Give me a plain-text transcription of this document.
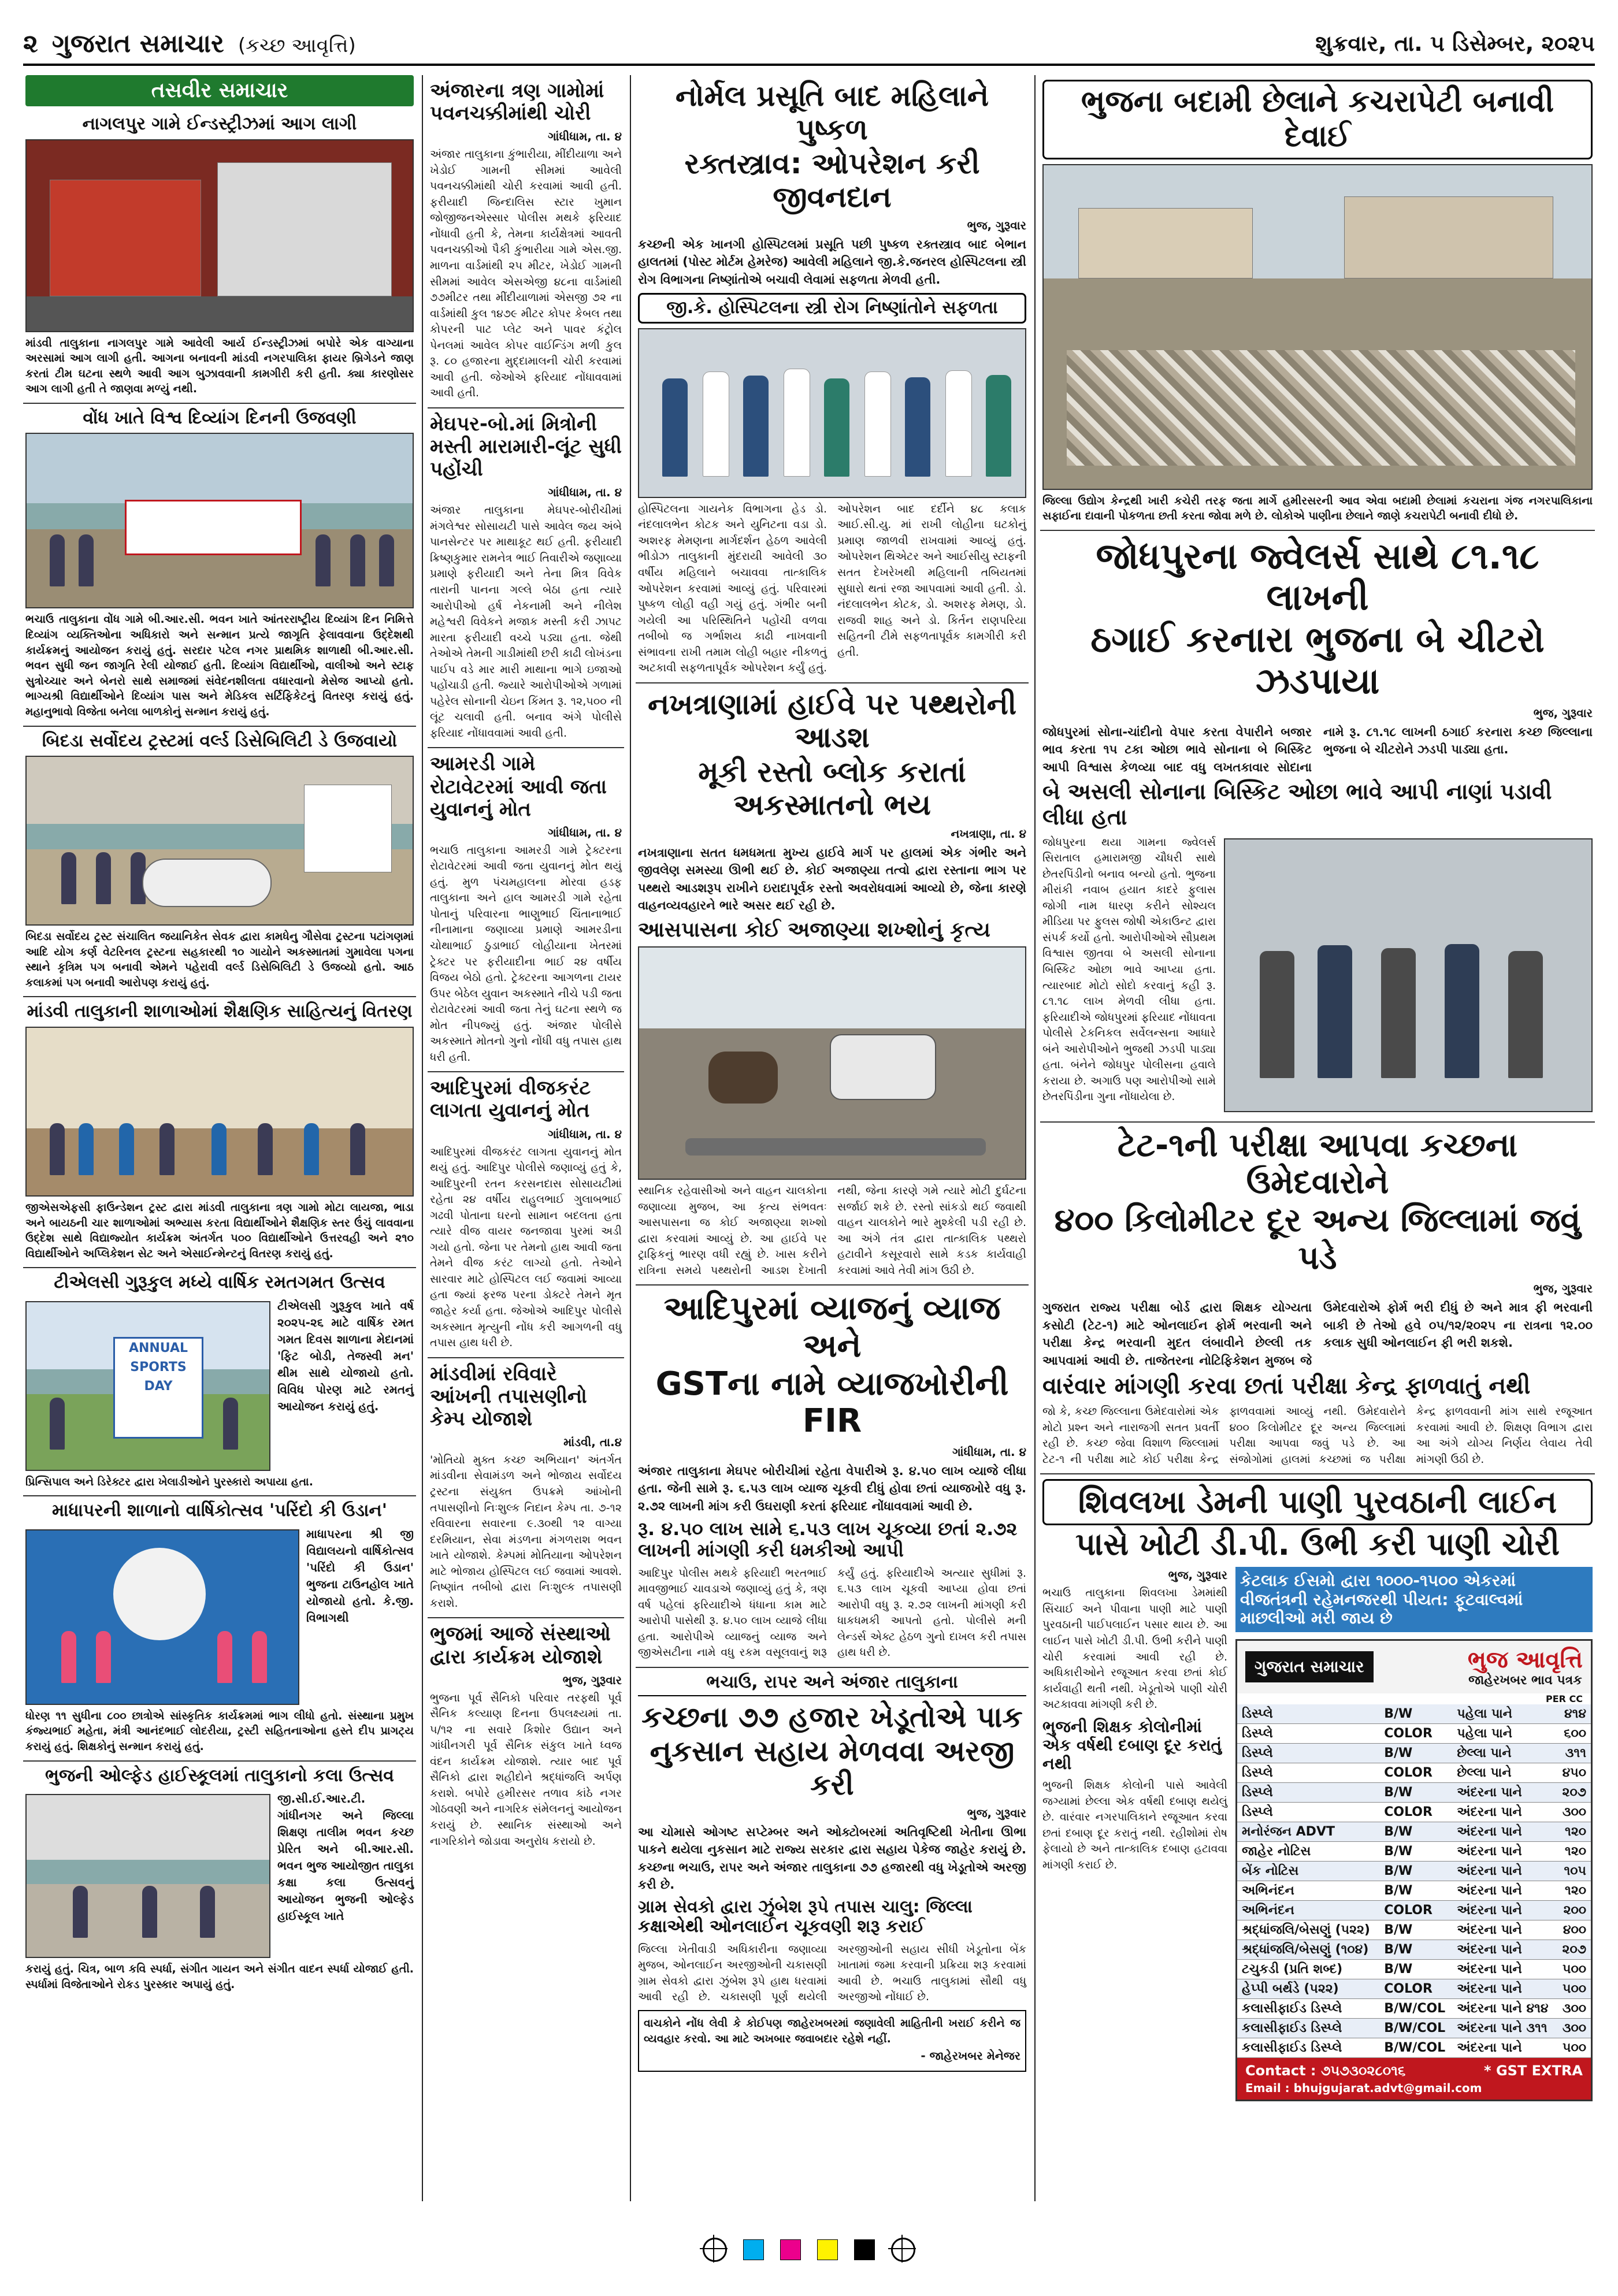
૨ ગુજરાત સમાચાર (કચ્છ આવૃત્તિ)	શુક્રવાર, તા. ૫ ડિસેમ્બર, ૨૦૨૫
તસવીર સમાચાર
નાગલપુર ગામે ઈન્ડસ્ટ્રીઝમાં આગ લાગી
માંડવી તાલુકાના નાગલપુર ગામે આવેલી આર્ય ઈન્ડસ્ટ્રીઝમાં બપોરે એક વાગ્યાના અરસામાં આગ લાગી હતી. આગના બનાવની માંડવી નગરપાલિકા ફાયર બ્રિગેડને જાણ કરતાં ટીમ ઘટના સ્થળે આવી આગ બુઝાવવાની કામગીરી કરી હતી. ક્યા કારણોસર આગ લાગી હતી તે જાણવા મળ્યું નથી.
વોંધ ખાતે વિશ્વ દિવ્યાંગ દિનની ઉજવણી
ભચાઉ તાલુકાના વોંધ ગામે બી.આર.સી. ભવન ખાતે આંતરરાષ્ટ્રીય દિવ્યાંગ દિન નિમિત્તે દિવ્યાંગ વ્યક્તિઓના અધિકારો અને સન્માન પ્રત્યે જાગૃતિ ફેલાવવાના ઉદ્દેશથી કાર્યક્રમનું આયોજન કરાયું હતું. સરદાર પટેલ નગર પ્રાથમિક શાળાથી બી.આર.સી. ભવન સુધી જન જાગૃતિ રેલી યોજાઈ હતી. દિવ્યાંગ વિદ્યાર્થીઓ, વાલીઓ અને સ્ટાફ સુત્રોચ્ચાર અને બેનરો સાથે સમાજમાં સંવેદનશીલતા વધારવાનો મેસેજ આપ્યો હતો. ભાગ્યશ્રી વિદ્યાર્થીઓને દિવ્યાંગ પાસ અને મેડિકલ સર્ટિફિકેટનું વિતરણ કરાયું હતું. મહાનુભાવો વિજેતા બનેલા બાળકોનું સન્માન કરાયું હતું.
બિદડા સર્વોદય ટ્રસ્ટમાં વર્લ્ડ ડિસેબિલિટી ડે ઉજવાયો
બિદડા સર્વોદય ટ્રસ્ટ સંચાલિત જયાનિકેત સેવક દ્વારા કામધેનુ ગૌસેવા ટ્રસ્ટના પટાંગણમાં આદિ યોગ કર્ણ વેટરિનલ ટ્રસ્ટના સહકારથી ૧૦ ગાયોને અકસ્માતમાં ગુમાવેલા પગના સ્થાને કૃત્રિમ પગ બનાવી એમને પહેરાવી વર્લ્ડ ડિસેબિલિટી ડે ઉજવ્યો હતો. આઠ કલાકમાં પગ બનાવી આરોપણ કરાયું હતું.
માંડવી તાલુકાની શાળાઓમાં શૈક્ષણિક સાહિત્યનું વિતરણ
જીએસએફસી ફાઉન્ડેશન ટ્રસ્ટ દ્વારા માંડવી તાલુકાના ત્રણ ગામો મોટા લાયજા, ભાડા અને બાયઠની ચાર શાળાઓમાં અભ્યાસ કરતા વિદ્યાર્થીઓને શૈક્ષણિક સ્તર ઉંચું લાવવાના ઉદ્દેશ સાથે વિદ્યાજ્યોત કાર્યક્રમ અંતર્ગત ૫૦૦ વિદ્યાર્થીઓને ઉત્તરવહી અને ૨૧૦ વિદ્યાર્થીઓને અપ્લિકેશન સેટ અને એસાઈન્મેન્ટનું વિતરણ કરાયું હતું.
ટીએલસી ગુરૂકુલ મધ્યે વાર્ષિક રમતગમત ઉત્સવ
ANNUAL
SPORTS
DAY
ટીએલસી ગુરૂકુલ ખાતે વર્ષ ૨૦૨૫-૨૬ માટે વાર્ષિક રમત ગમત દિવસ શાળાના મેદાનમાં 'ફિટ બોડી, તેજસ્વી મન' થીમ સાથે યોજાયો હતો. વિવિધ પોરણ માટે રમતનું આયોજન કરાયું હતું.
પ્રિન્સિપાલ અને ડિરેક્ટર દ્વારા ખેલાડીઓને પુરસ્કારો અપાયા હતા.
માધાપરની શાળાનો વાર્ષિકોત્સવ 'પરિંદો કી ઉડાન'
માધાપરના શ્રી જી વિદ્યાલયનો વાર્ષિકોત્સવ 'પરિંદો કી ઉડાન' ભુજના ટાઉનહોલ ખાતે યોજાયો હતો. કે.જી. વિભાગથી
ધોરણ ૧૧ સુધીના ૮૦૦ છાત્રોએ સાંસ્કૃતિક કાર્યક્રમમાં ભાગ લીધો હતો. સંસ્થાના પ્રમુખ કંજ્યભાઈ મહેતા, મંત્રી આનંદભાઈ લોદરીયા, ટ્રસ્ટી સહિતનાઓના હસ્તે દીપ પ્રાગટ્ય કરાયું હતું. શિક્ષકોનું સન્માન કરાયું હતું.
ભુજની ઓલ્ફેડ હાઈસ્કૂલમાં તાલુકાનો કલા ઉત્સવ
જી.સી.ઈ.આર.ટી. ગાંધીનગર અને જિલ્લા શિક્ષણ તાલીમ ભવન કચ્છ પ્રેરિત અને બી.આર.સી. ભવન ભુજ આયોજીત તાલુકા કક્ષા કલા ઉત્સવનું આયોજન ભુજની ઓલ્ફેડ હાઈસ્કૂલ ખાતે
કરાયું હતું. ચિત્ર, બાળ કવિ સ્પર્ધા, સંગીત ગાયન અને સંગીત વાદન સ્પર્ધા યોજાઈ હતી. સ્પર્ધામાં વિજેતાઓને રોકડ પુરસ્કાર અપાયું હતું.
અંજારના ત્રણ ગામોમાં પવનચક્કીમાંથી ચોરી
ગાંધીધામ, તા. ૪
અંજાર તાલુકાના કુંભારીયા, મીંદીયાળા અને ખેડોઈ ગામની સીમમાં આવેલી પવનચક્કીમાંથી ચોરી કરવામાં આવી હતી. ફરીયાદી જિન્દાલિસ સ્ટાર ખુમાન જોજીજનએસ્સાર પોલીસ મથકે ફરિયાદ નોંધાવી હતી કે, તેમના કાર્યક્ષેત્રમાં આવતી પવનચક્કીઓ પૈકી કુંભારીયા ગામે એસ.જી. માળના વાર્ડમાંથી ૨૫ મીટર, ખેડોઈ ગામની સીમમાં આવેલ એસએજી ૪૮ના વાર્ડમાંથી ૭૭મીટર તથા મીંદીયાળામાં એસજી ૭૨ ના વાર્ડમાંથી કુલ ૧૪૭૯ મીટર કોપર કેબલ તથા કોપરની પાટ પ્લેટ અને પાવર કંટ્રોલ પેનલમાં આવેલ કોપર વાઈન્ડિંગ મળી કુલ રૂ. ૮૦ હજારના મુદ્દામાલની ચોરી કરવામાં આવી હતી. જેઓએ ફરિયાદ નોંધાવવામાં આવી હતી.
મેઘપર-બો.માં મિત્રોની મસ્તી મારામારી-લૂંટ સુધી પહોંચી
ગાંધીધામ, તા. ૪
અંજાર તાલુકાના મેઘપર-બોરીચીમાં મંગલેશ્વર સોસાયટી પાસે આવેલ જય અંબે પાનસેન્ટર પર માથાકૂટ થઈ હતી. ફરીયાદી ક્રિષ્ણકુમાર રામનેત્ર ભાઈ તિવારીએ જણાવ્યા પ્રમાણે ફરીયાદી અને તેના મિત્ર વિવેક તારાની પાનના ગલ્લે બેઠા હતા ત્યારે આરોપીઓ હર્ષ નેકનામી અને નીલેશ મહેશ્વરી વિવેકને મજાક મસ્તી કરી ઝાપટ મારતા ફરીયાદી વચ્ચે પડ્યા હતા. જેથી તેઓએ તેમની ગાડીમાંથી છરી કાઢી લોખંડના પાઈપ વડે માર મારી માથાના ભાગે ઇજાઓ પહોંચાડી હતી. જ્યારે આરોપીઓએ ગળામાં પહેરેલ સોનાની ચેઇન કિંમત રૂ. ૧૨,૫૦૦ ની લૂંટ ચલાવી હતી. બનાવ અંગે પોલીસે ફરિયાદ નોંધાવવામાં આવી હતી.
આમરડી ગામે રોટાવેટરમાં આવી જતા યુવાનનું મોત
ગાંધીધામ, તા. ૪
ભચાઉ તાલુકાના આમરડી ગામે ટ્રેક્ટરના રોટાવેટરમાં આવી જતા યુવાનનું મોત થયું હતું. મુળ પંચમહાલના મોરવા હડફ તાલુકાના અને હાલ આમરડી ગામે રહેતા પોતાનું પરિવારના ભાણુભાઈ ચિંતાનાભાઈ નીનામાના જણાવ્યા પ્રમાણે આમરડીના ચોથાભાઈ ઠુડાભાઈ લોહીયાના ખેતરમાં ટ્રેક્ટર પર ફરીયાદીના ભાઈ ૨૪ વર્ષીય વિજય બેઠો હતો. ટ્રેક્ટરના આગળના ટાયર ઉપર બેઠેલ યુવાન અકસ્માતે નીચે પડી જતા રોટાવેટરમાં આવી જતા તેનું ઘટના સ્થળે જ મોત નીપજ્યું હતું. અંજાર પોલીસે અકસ્માતે મોતનો ગુનો નોંધી વધુ તપાસ હાથ ધરી હતી.
આદિપુરમાં વીજકરંટ લાગતા યુવાનનું મોત
ગાંધીધામ, તા. ૪
આદિપુરમાં વીજકરંટ લાગતા યુવાનનું મોત થયું હતું. આદિપુર પોલીસે જણાવ્યું હતું કે, આદિપુરની રતન કરસનદાસ સોસાયટીમાં રહેતા ૨૪ વર્ષીય રાહુલભાઈ ગુલાબભાઈ ગઢવી પોતાના ઘરનો સામાન બદલતા હતા ત્યારે વીજ વાયર જનજાવા પુરમાં અડી ગયો હતો. જેના પર તેમનો હાથ આવી જતા તેમને વીજ કરંટ લાગ્યો હતો. તેઓને સારવાર માટે હોસ્પિટલ લઈ જવામાં આવ્યા હતા જ્યાં ફરજ પરના ડોક્ટરે તેમને મૃત જાહેર કર્યા હતા. જેઓએ આદિપુર પોલીસે અકસ્માત મૃત્યુની નોંધ કરી આગળની વધુ તપાસ હાથ ધરી છે.
માંડવીમાં રવિવારે આંખની તપાસણીનો કેમ્પ યોજાશે
માંડવી, તા.૪
'મોતિયો મુક્ત કચ્છ અભિયાન' અંતર્ગત માંડવીના સેવામંડળ અને ભોજાય સર્વોદય ટ્રસ્ટના સંયુક્ત ઉપક્રમે આંખોની તપાસણીનો નિઃશુલ્ક નિદાન કેમ્પ તા. ૭-૧૨ રવિવારના સવારના ૯.૩૦થી ૧૨ વાગ્યા દરમિયાન, સેવા મંડળના મંગળરાશ ભવન ખાતે યોજાશે. કેમ્પમાં મોતિયાના ઓપરેશન માટે ભોજાય હોસ્પિટલ લઈ જવામાં આવશે. નિષ્ણાંત તબીબો દ્વારા નિઃશુલ્ક તપાસણી કરાશે.
ભુજમાં આજે સંસ્થાઓ દ્વારા કાર્યક્રમ યોજાશે
ભુજ, ગુરૂવાર
ભુજના પૂર્વ સૈનિકો પરિવાર તરફથી પૂર્વ સૈનિક કલ્યાણ દિનના ઉપલક્ષ્યમાં તા. ૫/૧૨ ના સવારે કિશોર ઉદ્યાન અને ગાંધીનગરી પૂર્વ સૈનિક સંકુલ ખાતે ધ્વજ વંદન કાર્યક્રમ યોજાશે. ત્યાર બાદ પૂર્વ સૈનિકો દ્વારા શહીદોને શ્રદ્ધાંજલિ અર્પણ કરાશે. બપોરે હમીરસર તળાવ કાંઠે નગર ગોઠવણી અને નાગરિક સંમેલનનું આયોજન કરાયું છે. સ્થાનિક સંસ્થાઓ અને નાગરિકોને જોડાવા અનુરોધ કરાયો છે.
નોર્મલ પ્રસૂતિ બાદ મહિલાને પુષ્કળ
રક્તસ્ત્રાવ: ઓપરેશન કરી જીવનદાન
ભુજ, ગુરૂવાર
કચ્છની એક ખાનગી હોસ્પિટલમાં પ્રસૂતિ પછી પુષ્કળ રક્તસ્ત્રાવ બાદ બેભાન હાલતમાં (પોસ્ટ મોર્ટમ હેમરેજ) આવેલી મહિલાને જી.કે.જનરલ હોસ્પિટલના સ્ત્રી રોગ વિભાગના નિષ્ણાંતોએ બચાવી લેવામાં સફળતા મેળવી હતી.
જી.કે. હોસ્પિટલના સ્ત્રી રોગ નિષ્ણાંતોને સફળતા
હોસ્પિટલના ગાયનેક વિભાગના હેડ ડો. નંદલાલભેન કોટક અને યુનિટના વડા ડો. અશરફ મેમણના માર્ગદર્શન હેઠળ આવેલી ભીડોઝ તાલુકાની મુંદરાયી આવેલી ૩૦ વર્ષીય મહિલાને બચાવવા તાત્કાલિક ઓપરેશન કરવામાં આવ્યું હતું. પરિવારમાં પુષ્કળ લોહી વહી ગયું હતું. ગંભીર બની ગયેલી આ પરિસ્થિતિને પહોંચી વળવા તબીબો જ ગર્ભાશય કાઢી નાખવાની સંભાવના રાખી તમામ લોહી બહાર નીકળતું અટકાવી સફળતાપૂર્વક ઓપરેશન કર્યું હતું. ઓપરેશન બાદ દર્દીને ૪૮ કલાક આઈ.સી.યુ. માં રાખી લોહીના ઘટકોનું પ્રમાણ જાળવી રાખવામાં આવ્યું હતું. ઓપરેશન થિએટર અને આઈસીયુ સ્ટાફની સતત દેખરેખથી મહિલાની તબિયતમાં સુધારો થતાં રજા આપવામાં આવી હતી. ડો. નંદલાલભેન કોટક, ડો. અશરફ મેમણ, ડો. રાજવી શાહ અને ડો. કિર્તન રાણપરિયા સહિતની ટીમે સફળતાપૂર્વક કામગીરી કરી હતી.
નખત્રાણામાં હાઈવે પર પથ્થરોની આડશ
મૂકી રસ્તો બ્લોક કરાતાં અકસ્માતનો ભય
નખત્રાણા, તા. ૪
નખત્રાણાના સતત ધમધમતા મુખ્ય હાઈવે માર્ગ પર હાલમાં એક ગંભીર અને જીવલેણ સમસ્યા ઊભી થઈ છે. કોઈ અજાણ્યા તત્વો દ્વારા રસ્તાના ભાગ પર પથ્થરો આડશરૂપ રાખીને ઇરાદાપૂર્વક રસ્તો અવરોધવામાં આવ્યો છે, જેના કારણે વાહનવ્યવહારને ભારે અસર થઈ રહી છે.
આસપાસના કોઈ અજાણ્યા શખ્શોનું કૃત્ય
સ્થાનિક રહેવાસીઓ અને વાહન ચાલકોના જણાવ્યા મુજબ, આ કૃત્ય સંભવતઃ આસપાસના જ કોઈ અજાણ્યા શખ્શો દ્વારા કરવામાં આવ્યું છે. આ હાઈવે પર ટ્રાફિકનું ભારણ વધી રહ્યું છે. ખાસ કરીને રાત્રિના સમયે પથ્થરોની આડશ દેખાતી નથી, જેના કારણે ગમે ત્યારે મોટી દુર્ઘટના સર્જાઈ શકે છે. રસ્તો સાંકડો થઈ જવાથી વાહન ચાલકોને ભારે મુશ્કેલી પડી રહી છે. આ અંગે તંત્ર દ્વારા તાત્કાલિક પથ્થરો હટાવીને કસૂરવારો સામે કડક કાર્યવાહી કરવામાં આવે તેવી માંગ ઉઠી છે.
આદિપુરમાં વ્યાજનું વ્યાજ અને
GSTના નામે વ્યાજખોરીની FIR
ગાંધીધામ, તા. ૪
અંજાર તાલુકાના મેઘપર બોરીચીમાં રહેતા વેપારીએ રૂ. ૪.૫૦ લાખ વ્યાજે લીધા હતા. જેની સામે રૂ. ૬.૫૩ લાખ વ્યાજ ચૂકવી દીધું હોવા છતાં વ્યાજખોરે વધુ રૂ. ૨.૭૨ લાખની માંગ કરી ઉઘરાણી કરતાં ફરિયાદ નોંધાવવામાં આવી છે.
રૂ. ૪.૫૦ લાખ સામે ૬.૫૩ લાખ ચૂકવ્યા છતાં ૨.૭૨ લાખની માંગણી કરી ધમકીઓ આપી
આદિપુર પોલીસ મથકે ફરિયાદી ભરતભાઈ માવજીભાઈ ચાવડાએ જણાવ્યું હતું કે, ત્રણ વર્ષ પહેલાં ફરિયાદીએ ધંધાના કામ માટે આરોપી પાસેથી રૂ. ૪.૫૦ લાખ વ્યાજે લીધા હતા. આરોપીએ વ્યાજનું વ્યાજ અને જીએસટીના નામે વધુ રકમ વસૂલવાનું શરૂ કર્યું હતું. ફરિયાદીએ અત્યાર સુધીમાં રૂ. ૬.૫૩ લાખ ચૂકવી આપ્યા હોવા છતાં આરોપી વધુ રૂ. ૨.૭૨ લાખની માંગણી કરી ધાકધમકી આપતો હતો. પોલીસે મની લેન્ડર્સ એક્ટ હેઠળ ગુનો દાખલ કરી તપાસ હાથ ધરી છે.
ભચાઉ, રાપર અને અંજાર તાલુકાના
કચ્છના ૭૭ હજાર ખેડૂતોએ પાક
નુકસાન સહાય મેળવવા અરજી કરી
ભુજ, ગુરૂવાર
આ ચોમાસે ઓગષ્ટ સપ્ટેમ્બર અને ઓક્ટોબરમાં અતિવૃષ્ટિથી ખેતીના ઊભા પાકને થયેલા નુકસાન માટે રાજ્ય સરકાર દ્વારા સહાય પેકેજ જાહેર કરાયું છે. કચ્છના ભચાઉ, રાપર અને અંજાર તાલુકાના ૭૭ હજારથી વધુ ખેડૂતોએ અરજી કરી છે.
ગ્રામ સેવકો દ્વારા ઝુંબેશ રૂપે તપાસ ચાલુ: જિલ્લા કક્ષાએથી ઓનલાઈન ચૂકવણી શરૂ કરાઈ
જિલ્લા ખેતીવાડી અધિકારીના જણાવ્યા મુજબ, ઓનલાઈન અરજીઓની ચકાસણી ગ્રામ સેવકો દ્વારા ઝુંબેશ રૂપે હાથ ધરવામાં આવી રહી છે. ચકાસણી પૂર્ણ થયેલી અરજીઓની સહાય સીધી ખેડૂતોના બેંક ખાતામાં જમા કરવાની પ્રક્રિયા શરૂ કરવામાં આવી છે. ભચાઉ તાલુકામાં સૌથી વધુ અરજીઓ નોંધાઈ છે.
વાચકોને નોંધ લેવી કે કોઈપણ જાહેરખબરમાં જણાવેલી માહિતીની ખરાઈ કરીને જ વ્યવહાર કરવો. આ માટે અખબાર જવાબદાર રહેશે નહીં.
- જાહેરખબર મેનેજર
ભુજના બદામી છેલાને કચરાપેટી બનાવી દેવાઈ
જિલ્લા ઉદ્યોગ કેન્દ્રથી ખારી કચેરી તરફ જતા માર્ગે હમીરસરની આવ એવા બદામી છેલામાં કચરાના ગંજ નગરપાલિકાના સફાઈના દાવાની પોકળતા છતી કરતા જોવા મળે છે. લોકોએ પાણીના છેલાને જાણે કચરાપેટી બનાવી દીધો છે.
જોધપુરના જ્વેલર્સ સાથે ૮૧.૧૮ લાખની
ઠગાઈ કરનારા ભુજના બે ચીટરો ઝડપાયા
ભુજ, ગુરૂવાર
જોધપુરમાં સોના-ચાંદીનો વેપાર કરતા વેપારીને બજાર ભાવ કરતા ૧૫ ટકા ઓછા ભાવે સોનાના બે બિસ્કિટ આપી વિશ્વાસ કેળવ્યા બાદ વધુ લખતકાવાર સોદાના નામે રૂ. ૮૧.૧૮ લાખની ઠગાઈ કરનારા કચ્છ જિલ્લાના ભુજના બે ચીટરોને ઝડપી પાડ્યા હતા.
બે અસલી સોનાના બિસ્કિટ ઓછા ભાવે આપી નાણાં પડાવી લીધા હતા
જોધપુરના થયા ગામના જ્વેલર્સ સિરાતાલ હમારામજી ચૌધરી સાથે છેતરપિંડીનો બનાવ બન્યો હતો. ભુજના મીરાંકી નવાબ હયાત કાદરે ફુલાસ જોગી નામ ધારણ કરીને સોશ્યલ મીડિયા પર ફુલસ જોષી એકાઉન્ટ દ્વારા સંપર્ક કર્યો હતો. આરોપીઓએ સૌપ્રથમ વિશ્વાસ જીતવા બે અસલી સોનાના બિસ્કિટ ઓછા ભાવે આપ્યા હતા. ત્યારબાદ મોટો સોદો કરવાનું કહી રૂ. ૮૧.૧૮ લાખ મેળવી લીધા હતા. ફરિયાદીએ જોધપુરમાં ફરિયાદ નોંધાવતા પોલીસે ટેકનિકલ સર્વેલન્સના આધારે બંને આરોપીઓને ભુજથી ઝડપી પાડ્યા હતા. બંનેને જોધપુર પોલીસના હવાલે કરાયા છે. અગાઉ પણ આરોપીઓ સામે છેતરપિંડીના ગુના નોંધાયેલા છે.
ટેટ-૧ની પરીક્ષા આપવા કચ્છના ઉમેદવારોને
૪૦૦ કિલોમીટર દૂર અન્ય જિલ્લામાં જવું પડે
ભુજ, ગુરૂવાર
ગુજરાત રાજ્ય પરીક્ષા બોર્ડ દ્વારા શિક્ષક યોગ્યતા કસોટી (ટેટ-૧) માટે ઓનલાઈન ફોર્મ ભરવાની અને પરીક્ષા કેન્દ્ર ભરવાની મુદત લંબાવીને છેલ્લી તક આપવામાં આવી છે. તાજેતરના નોટિફિકેશન મુજબ જે ઉમેદવારોએ ફોર્મ ભરી દીધું છે અને માત્ર ફી ભરવાની બાકી છે તેઓ હવે ૦૫/૧૨/૨૦૨૫ ના રાત્રના ૧૨.૦૦ કલાક સુધી ઓનલાઈન ફી ભરી શકશે.
વારંવાર માંગણી કરવા છતાં પરીક્ષા કેન્દ્ર ફાળવાતું નથી
જો કે, કચ્છ જિલ્લાના ઉમેદવારોમાં એક મોટો પ્રશ્ન અને નારાજગી સતત પ્રવર્તી રહી છે. કચ્છ જેવા વિશાળ જિલ્લામાં ટેટ-૧ ની પરીક્ષા માટે કોઈ પરીક્ષા કેન્દ્ર ફાળવવામાં આવ્યું નથી. ઉમેદવારોને ૪૦૦ કિલોમીટર દૂર અન્ય જિલ્લામાં પરીક્ષા આપવા જવું પડે છે. આ સંજોગોમાં હાલમાં કચ્છમાં જ પરીક્ષા કેન્દ્ર ફાળવવાની માંગ સાથે રજૂઆત કરવામાં આવી છે. શિક્ષણ વિભાગ દ્વારા આ અંગે યોગ્ય નિર્ણય લેવાય તેવી માંગણી ઉઠી છે.
શિવલખા ડેમની પાણી પુરવઠાની લાઈન
પાસે ખોટી ડી.પી. ઉભી કરી પાણી ચોરી
ભુજ, ગુરૂવાર
ભચાઉ તાલુકાના શિવલખા ડેમમાંથી સિંચાઈ અને પીવાના પાણી માટે પાણી પુરવઠાની પાઈપલાઈન પસાર થાય છે. આ લાઈન પાસે ખોટી ડી.પી. ઉભી કરીને પાણી ચોરી કરવામાં આવી રહી છે. અધિકારીઓને રજૂઆત કરવા છતાં કોઈ કાર્યવાહી થતી નથી. ખેડૂતોએ પાણી ચોરી અટકાવવા માંગણી કરી છે.
ભુજની શિક્ષક કોલોનીમાં એક વર્ષથી દબાણ દૂર કરાતું નથી
ભુજની શિક્ષક કોલોની પાસે આવેલી જગ્યામાં છેલ્લા એક વર્ષથી દબાણ થયેલું છે. વારંવાર નગરપાલિકાને રજૂઆત કરવા છતાં દબાણ દૂર કરાતું નથી. રહીશોમાં રોષ ફેલાયો છે અને તાત્કાલિક દબાણ હટાવવા માંગણી કરાઈ છે.
કેટલાક ઈસમો દ્વારા ૧૦૦૦-૧૫૦૦ એકરમાં વીજતંત્રની રહેમનજરથી પીયત: ફૂટવાલ્વમાં માછલીઓ મરી જાય છે
ગુજરાત સમાચાર	ભુજ આવૃત્તિ
જાહેરખબર ભાવ પત્રક
PER CC
ડિસ્પ્લે	B/W	પહેલા પાને	૪૧૪
ડિસ્પ્લે	COLOR	પહેલા પાને	૬૦૦
ડિસ્પ્લે	B/W	છેલ્લા પાને	૩૧૧
ડિસ્પ્લે	COLOR	છેલ્લા પાને	૪૫૦
ડિસ્પ્લે	B/W	અંદરના પાને	૨૦૭
ડિસ્પ્લે	COLOR	અંદરના પાને	૩૦૦
મનોરંજન ADVT	B/W	અંદરના પાને	૧૨૦
જાહેર નોટિસ	B/W	અંદરના પાને	૧૨૦
બેંક નોટિસ	B/W	અંદરના પાને	૧૦૫
અભિનંદન	B/W	અંદરના પાને	૧૨૦
અભિનંદન	COLOR	અંદરના પાને	૨૦૦
શ્રદ્ધાંજલિ/બેસણું (૫૨૨)	B/W	અંદરના પાને	૪૦૦
શ્રદ્ધાંજલિ/બેસણું (૧૦૪)	B/W	અંદરના પાને	૨૦૭
ટચુકડી (પ્રતિ શબ્દ)	B/W	અંદરના પાને	૫૦૦
હેપ્પી બર્થડે (૫૨૨)	COLOR	અંદરના પાને	૫૦૦
કલાસીફાઈડ ડિસ્પ્લે	B/W/COL	અંદરના પાને ૪૧૪	૩૦૦
કલાસીફાઈડ ડિસ્પ્લે	B/W/COL	અંદરના પાને ૩૧૧	૩૦૦
કલાસીફાઈડ ડિસ્પ્લે	B/W/COL	અંદરના પાને	૫૦૦
Contact : ૭૫૭૩૦૨૮૦૧૬	* GST EXTRA
Email : bhujgujarat.advt@gmail.com
